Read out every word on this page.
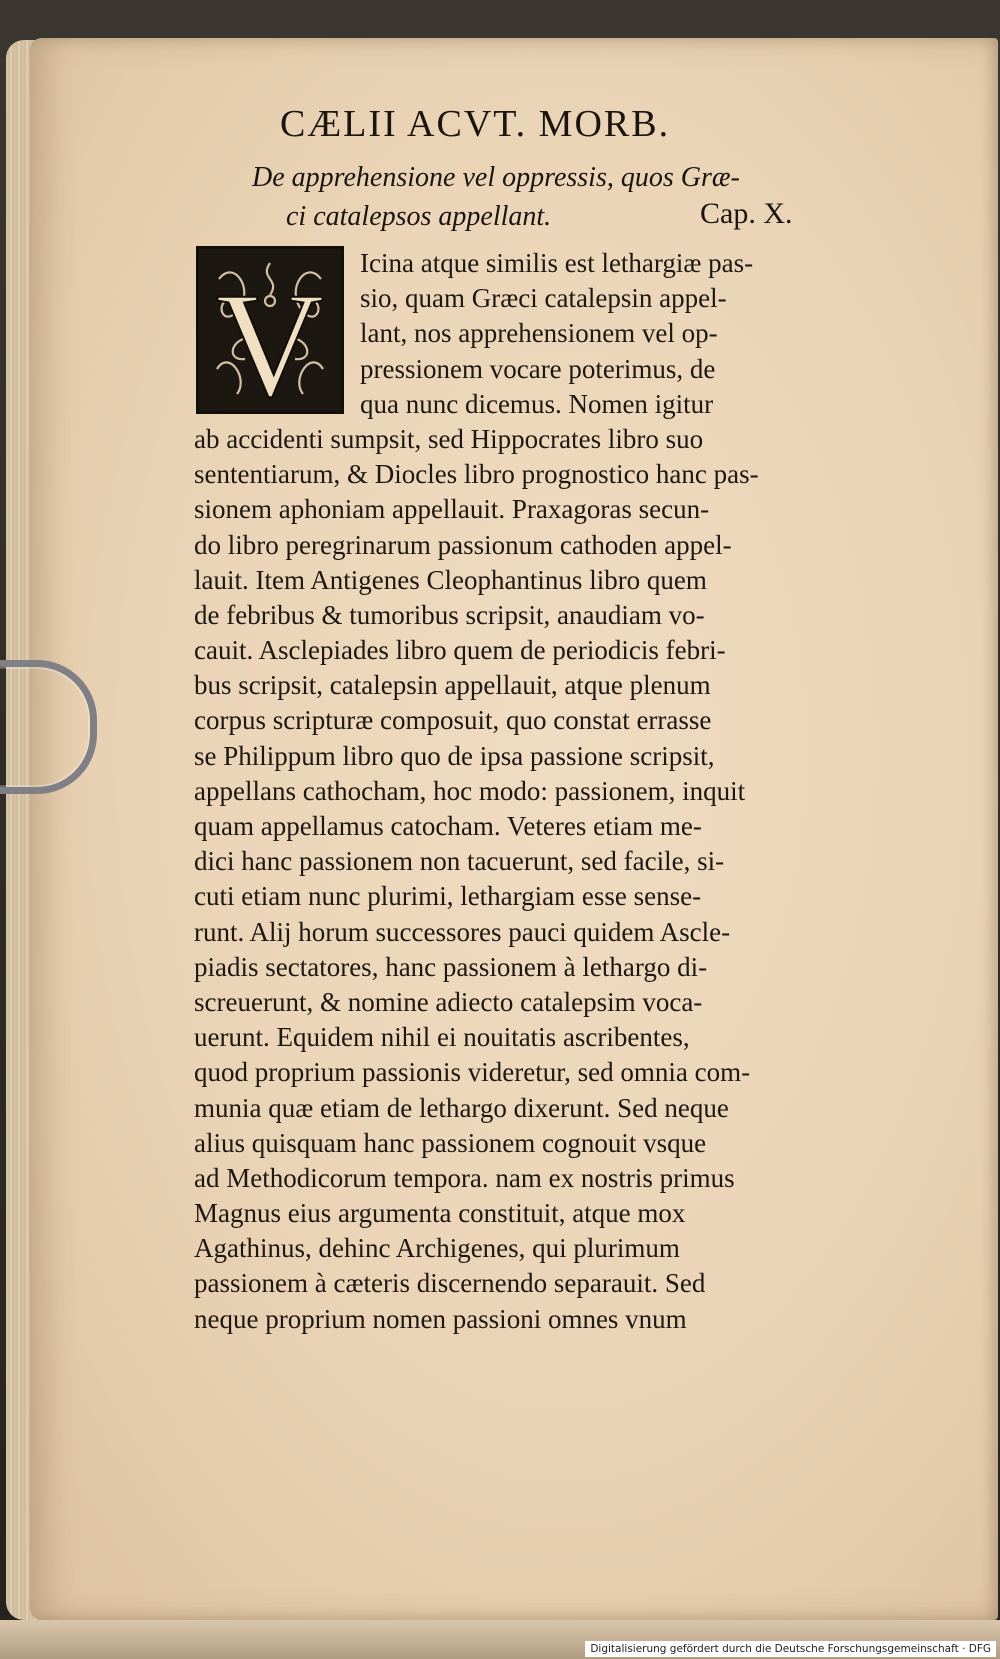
CÆLII ACVT. MORB.
De apprehensione vel oppressis, quos Græ-
ci catalepsos appellant.	Cap. X.
V	Icina atque similis est lethargiæ pas-
sio, quam Græci catalepsin appel-
lant, nos apprehensionem vel op-
pressionem vocare poterimus, de
qua nunc dicemus. Nomen igitur
ab accidenti sumpsit, sed Hippocrates libro suo
sententiarum, & Diocles libro prognostico hanc pas-
sionem aphoniam appellauit. Praxagoras secun-
do libro peregrinarum passionum cathoden appel-
lauit. Item Antigenes Cleophantinus libro quem
de febribus & tumoribus scripsit, anaudiam vo-
cauit. Asclepiades libro quem de periodicis febri-
bus scripsit, catalepsin appellauit, atque plenum
corpus scripturæ composuit, quo constat errasse
se Philippum libro quo de ipsa passione scripsit,
appellans cathocham, hoc modo: passionem, inquit
quam appellamus catocham. Veteres etiam me-
dici hanc passionem non tacuerunt, sed facile, si-
cuti etiam nunc plurimi, lethargiam esse sense-
runt. Alij horum successores pauci quidem Ascle-
piadis sectatores, hanc passionem à lethargo di-
screuerunt, & nomine adiecto catalepsim voca-
uerunt. Equidem nihil ei nouitatis ascribentes,
quod proprium passionis videretur, sed omnia com-
munia quæ etiam de lethargo dixerunt. Sed neque
alius quisquam hanc passionem cognouit vsque
ad Methodicorum tempora. nam ex nostris primus
Magnus eius argumenta constituit, atque mox
Agathinus, dehinc Archigenes, qui plurimum
passionem à cæteris discernendo separauit. Sed
neque proprium nomen passioni omnes vnum
Digitalisierung gefördert durch die Deutsche Forschungsgemeinschaft · DFG
